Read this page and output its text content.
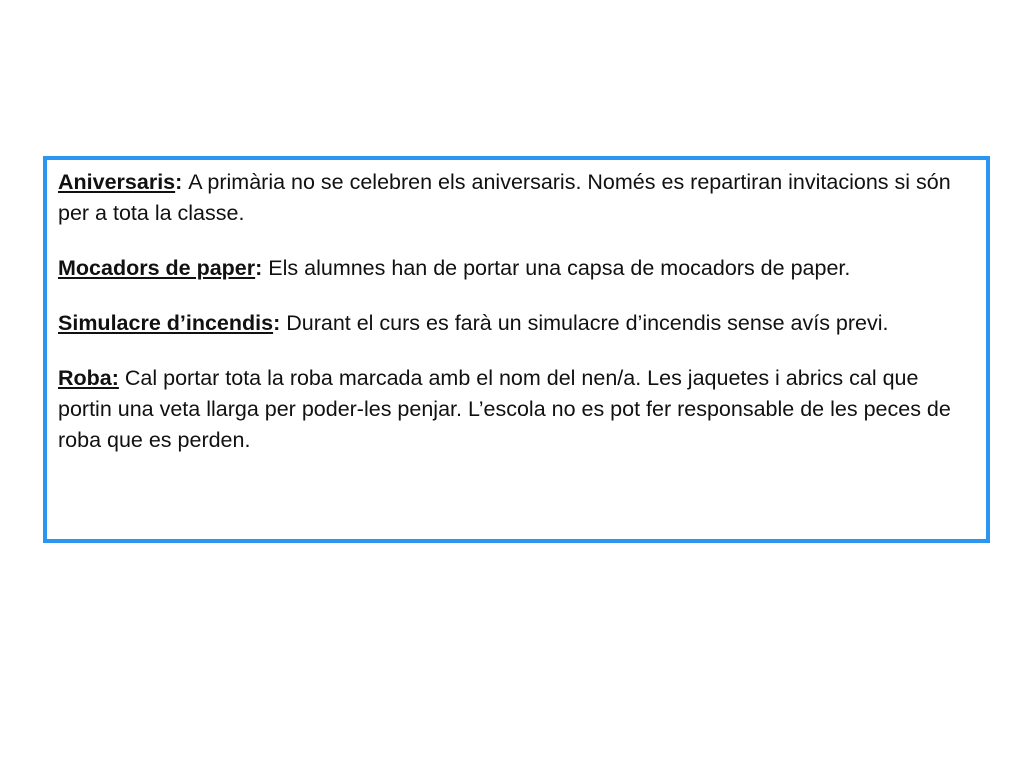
Aniversaris: A primària no se celebren els aniversaris. Només es repartiran invitacions si són per a tota la classe.

Mocadors de paper: Els alumnes han de portar una capsa de mocadors de paper.

Simulacre d’incendis: Durant el curs es farà un simulacre d’incendis sense avís previ.

Roba: Cal portar tota la roba marcada amb el nom del nen/a. Les jaquetes i abrics cal que portin una veta llarga per poder-les penjar. L’escola no es pot fer responsable de les peces de roba que es perden.
